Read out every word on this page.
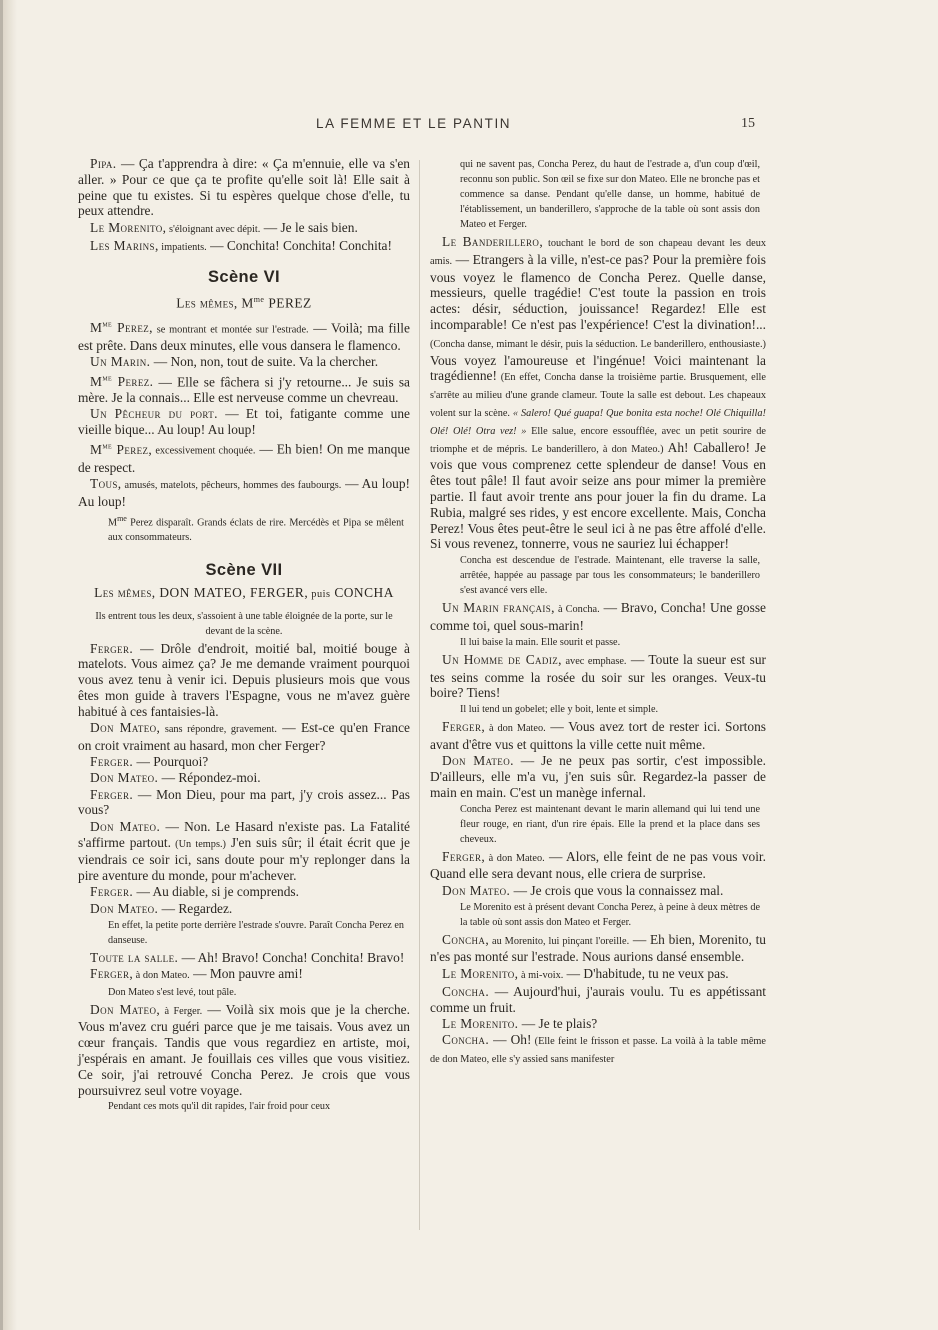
LA FEMME ET LE PANTIN	15

Pipa. — Ça t'apprendra à dire: « Ça m'ennuie, elle va s'en aller. » Pour ce que ça te profite qu'elle soit là! Elle sait à peine que tu existes. Si tu espères quelque chose d'elle, tu peux attendre.

Le Morenito, s'éloignant avec dépit. — Je le sais bien.

Les Marins, impatients. — Conchita! Conchita! Conchita!

Scène VI
Les mêmes, $M^{me}$ PEREZ

$M^{me}$ Perez, se montrant et montée sur l'estrade. — Voilà; ma fille est prête. Dans deux minutes, elle vous dansera le flamenco.

Un Marin. — Non, non, tout de suite. Va la chercher.

$M^{me}$ Perez. — Elle se fâchera si j'y retourne... Je suis sa mère. Je la connais... Elle est nerveuse comme un chevreau.

Un Pêcheur du port. — Et toi, fatigante comme une vieille bique... Au loup! Au loup!

$M^{me}$ Perez, excessivement choquée. — Eh bien! On me manque de respect.

Tous, amusés, matelots, pêcheurs, hommes des faubourgs. — Au loup! Au loup!

$M^{me}$ Perez disparaît. Grands éclats de rire. Mercédès et Pipa se mêlent aux consommateurs.

Scène VII
Les mêmes, DON MATEO, FERGER, puis CONCHA

Ils entrent tous les deux, s'assoient à une table éloignée de la porte, sur le devant de la scène.

Ferger. — Drôle d'endroit, moitié bal, moitié bouge à matelots. Vous aimez ça? Je me demande vraiment pourquoi vous avez tenu à venir ici. Depuis plusieurs mois que vous êtes mon guide à travers l'Espagne, vous ne m'avez guère habitué à ces fantaisies-là.

Don Mateo, sans répondre, gravement. — Est-ce qu'en France on croit vraiment au hasard, mon cher Ferger?

Ferger. — Pourquoi?

Don Mateo. — Répondez-moi.

Ferger. — Mon Dieu, pour ma part, j'y crois assez... Pas vous?

Don Mateo. — Non. Le Hasard n'existe pas. La Fatalité s'affirme partout. (Un temps.) J'en suis sûr; il était écrit que je viendrais ce soir ici, sans doute pour m'y replonger dans la pire aventure du monde, pour m'achever.

Ferger. — Au diable, si je comprends.

Don Mateo. — Regardez.

En effet, la petite porte derrière l'estrade s'ouvre. Paraît Concha Perez en danseuse.

Toute la salle. — Ah! Bravo! Concha! Conchita! Bravo!

Ferger, à don Mateo. — Mon pauvre ami!

Don Mateo s'est levé, tout pâle.

Don Mateo, à Ferger. — Voilà six mois que je la cherche. Vous m'avez cru guéri parce que je me taisais. Vous avez un cœur français. Tandis que vous regardiez en artiste, moi, j'espérais en amant. Je fouillais ces villes que vous visitiez. Ce soir, j'ai retrouvé Concha Perez. Je crois que vous poursuivrez seul votre voyage.

Pendant ces mots qu'il dit rapides, l'air froid pour ceux

qui ne savent pas, Concha Perez, du haut de l'estrade a, d'un coup d'œil, reconnu son public. Son œil se fixe sur don Mateo. Elle ne bronche pas et commence sa danse. Pendant qu'elle danse, un homme, habitué de l'établissement, un banderillero, s'approche de la table où sont assis don Mateo et Ferger.

Le Banderillero, touchant le bord de son chapeau devant les deux amis. — Etrangers à la ville, n'est-ce pas? Pour la première fois vous voyez le flamenco de Concha Perez. Quelle danse, messieurs, quelle tragédie! C'est toute la passion en trois actes: désir, séduction, jouissance! Regardez! Elle est incomparable! Ce n'est pas l'expérience! C'est la divination!... (Concha danse, mimant le désir, puis la séduction. Le banderillero, enthousiaste.) Vous voyez l'amoureuse et l'ingénue! Voici maintenant la tragédienne! (En effet, Concha danse la troisième partie. Brusquement, elle s'arrête au milieu d'une grande clameur. Toute la salle est debout. Les chapeaux volent sur la scène. « Salero! Qué guapa! Que bonita esta noche! Olé Chiquilla! Olé! Olé! Otra vez! » Elle salue, encore essoufflée, avec un petit sourire de triomphe et de mépris. Le banderillero, à don Mateo.) Ah! Caballero! Je vois que vous comprenez cette splendeur de danse! Vous en êtes tout pâle! Il faut avoir seize ans pour mimer la première partie. Il faut avoir trente ans pour jouer la fin du drame. La Rubia, malgré ses rides, y est encore excellente. Mais, Concha Perez! Vous êtes peut-être le seul ici à ne pas être affolé d'elle. Si vous revenez, tonnerre, vous ne sauriez lui échapper!

Concha est descendue de l'estrade. Maintenant, elle traverse la salle, arrêtée, happée au passage par tous les consommateurs; le banderillero s'est avancé vers elle.

Un Marin français, à Concha. — Bravo, Concha! Une gosse comme toi, quel sous-marin!

Il lui baise la main. Elle sourit et passe.

Un Homme de Cadiz, avec emphase. — Toute la sueur est sur tes seins comme la rosée du soir sur les oranges. Veux-tu boire? Tiens!

Il lui tend un gobelet; elle y boit, lente et simple.

Ferger, à don Mateo. — Vous avez tort de rester ici. Sortons avant d'être vus et quittons la ville cette nuit même.

Don Mateo. — Je ne peux pas sortir, c'est impossible. D'ailleurs, elle m'a vu, j'en suis sûr. Regardez-la passer de main en main. C'est un manège infernal.

Concha Perez est maintenant devant le marin allemand qui lui tend une fleur rouge, en riant, d'un rire épais. Elle la prend et la place dans ses cheveux.

Ferger, à don Mateo. — Alors, elle feint de ne pas vous voir. Quand elle sera devant nous, elle criera de surprise.

Don Mateo. — Je crois que vous la connaissez mal.

Le Morenito est à présent devant Concha Perez, à peine à deux mètres de la table où sont assis don Mateo et Ferger.

Concha, au Morenito, lui pinçant l'oreille. — Eh bien, Morenito, tu n'es pas monté sur l'estrade. Nous aurions dansé ensemble.

Le Morenito, à mi-voix. — D'habitude, tu ne veux pas.

Concha. — Aujourd'hui, j'aurais voulu. Tu es appétissant comme un fruit.

Le Morenito. — Je te plais?

Concha. — Oh! (Elle feint le frisson et passe. La voilà à la table même de don Mateo, elle s'y assied sans manifester
